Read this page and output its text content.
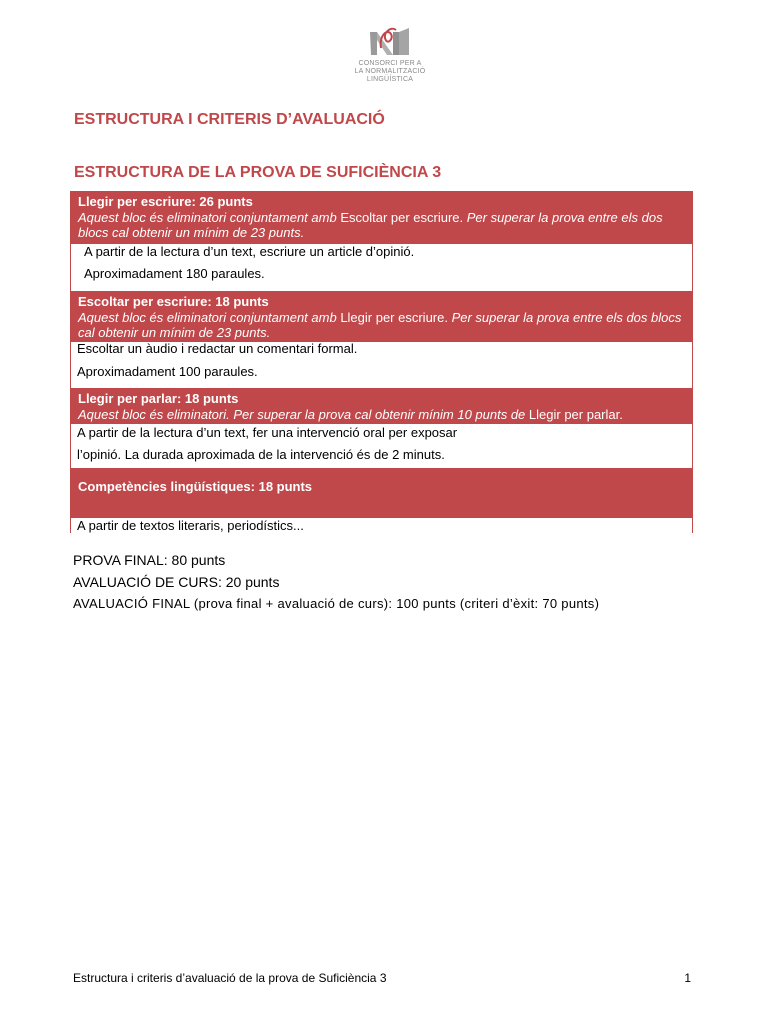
CONSORCI PER A
LA NORMALITZACIÓ
LINGÜÍSTICA
ESTRUCTURA I CRITERIS D’AVALUACIÓ
ESTRUCTURA DE LA PROVA DE SUFICIÈNCIA 3
Llegir per escriure: 26 punts
Aquest bloc és eliminatori conjuntament amb Escoltar per escriure. Per superar la prova entre els dos blocs cal obtenir un mínim de 23 punts.
A partir de la lectura d’un text, escriure un article d’opinió.
Aproximadament 180 paraules.
Escoltar per escriure: 18 punts
Aquest bloc és eliminatori conjuntament amb Llegir per escriure. Per superar la prova entre els dos blocs cal obtenir un mínim de 23 punts.
Escoltar un àudio i redactar un comentari formal.
Aproximadament 100 paraules.
Llegir per parlar: 18 punts
Aquest bloc és eliminatori. Per superar la prova cal obtenir mínim 10 punts de Llegir per parlar.
A partir de la lectura d’un text, fer una intervenció oral per exposar
l’opinió. La durada aproximada de la intervenció és de 2 minuts.
Competències lingüístiques: 18 punts
A partir de textos literaris, periodístics...
PROVA FINAL: 80 punts
AVALUACIÓ DE CURS: 20 punts
AVALUACIÓ FINAL (prova final + avaluació de curs): 100 punts (criteri d’èxit: 70 punts)
Estructura i criteris d’avaluació de la prova de Suficiència 3	1
